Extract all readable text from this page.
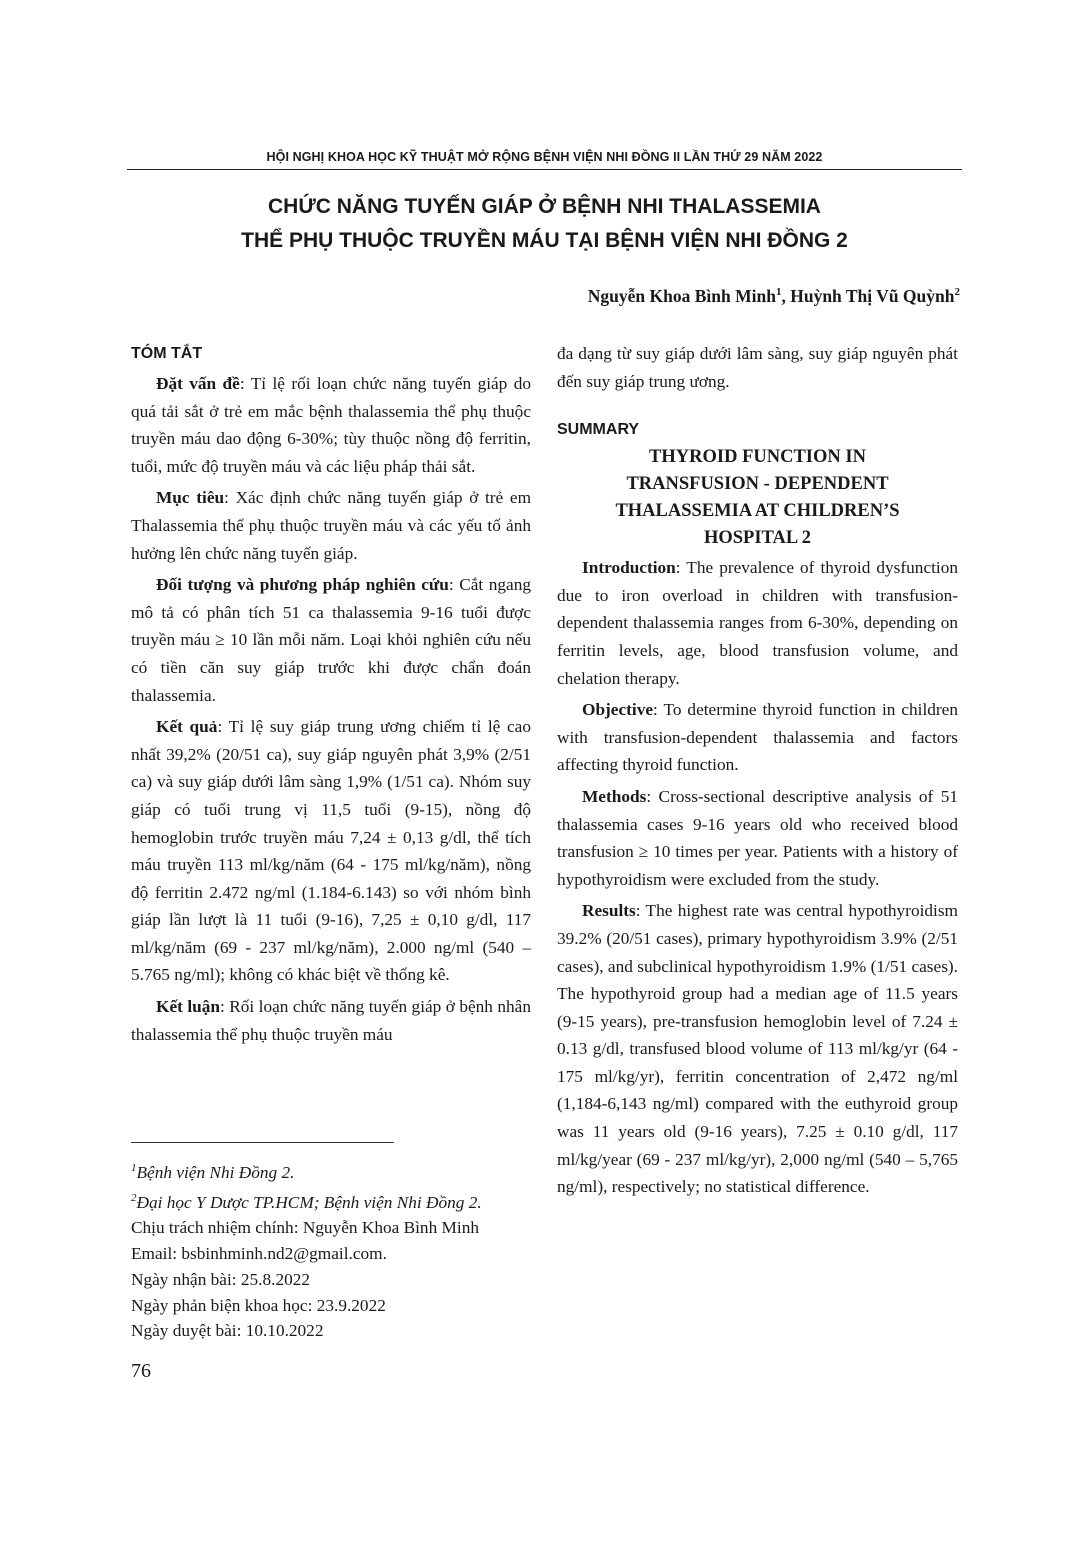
HỘI NGHỊ KHOA HỌC KỸ THUẬT MỞ RỘNG BỆNH VIỆN NHI ĐỒNG II LẦN THỨ 29 NĂM 2022
CHỨC NĂNG TUYẾN GIÁP Ở BỆNH NHI THALASSEMIA
THỂ PHỤ THUỘC TRUYỀN MÁU TẠI BỆNH VIỆN NHI ĐỒNG 2
Nguyễn Khoa Bình Minh$^1$, Huỳnh Thị Vũ Quỳnh$^2$
TÓM TẮT

Đặt vấn đề: Tỉ lệ rối loạn chức năng tuyến giáp do quá tải sắt ở trẻ em mắc bệnh thalassemia thể phụ thuộc truyền máu dao động 6-30%; tùy thuộc nồng độ ferritin, tuổi, mức độ truyền máu và các liệu pháp thải sắt.

Mục tiêu: Xác định chức năng tuyến giáp ở trẻ em Thalassemia thể phụ thuộc truyền máu và các yếu tố ảnh hưởng lên chức năng tuyến giáp.

Đối tượng và phương pháp nghiên cứu: Cắt ngang mô tả có phân tích 51 ca thalassemia 9-16 tuổi được truyền máu ≥ 10 lần mỗi năm. Loại khỏi nghiên cứu nếu có tiền căn suy giáp trước khi được chẩn đoán thalassemia.

Kết quả: Tỉ lệ suy giáp trung ương chiếm tỉ lệ cao nhất 39,2% (20/51 ca), suy giáp nguyên phát 3,9% (2/51 ca) và suy giáp dưới lâm sàng 1,9% (1/51 ca). Nhóm suy giáp có tuổi trung vị 11,5 tuổi (9-15), nồng độ hemoglobin trước truyền máu 7,24 ± 0,13 g/dl, thể tích máu truyền 113 ml/kg/năm (64 - 175 ml/kg/năm), nồng độ ferritin 2.472 ng/ml (1.184-6.143) so với nhóm bình giáp lần lượt là 11 tuổi (9-16), 7,25 ± 0,10 g/dl, 117 ml/kg/năm (69 - 237 ml/kg/năm), 2.000 ng/ml (540 – 5.765 ng/ml); không có khác biệt về thống kê.

Kết luận: Rối loạn chức năng tuyến giáp ở bệnh nhân thalassemia thể phụ thuộc truyền máu

$^1$Bệnh viện Nhi Đồng 2.
$^2$Đại học Y Dược TP.HCM; Bệnh viện Nhi Đồng 2.
Chịu trách nhiệm chính: Nguyễn Khoa Bình Minh
Email: bsbinhminh.nd2@gmail.com.
Ngày nhận bài: 25.8.2022
Ngày phản biện khoa học: 23.9.2022
Ngày duyệt bài: 10.10.2022

đa dạng từ suy giáp dưới lâm sàng, suy giáp nguyên phát đến suy giáp trung ương.

SUMMARY
THYROID FUNCTION IN
TRANSFUSION - DEPENDENT
THALASSEMIA AT CHILDREN’S
HOSPITAL 2

Introduction: The prevalence of thyroid dysfunction due to iron overload in children with transfusion-dependent thalassemia ranges from 6-30%, depending on ferritin levels, age, blood transfusion volume, and chelation therapy.

Objective: To determine thyroid function in children with transfusion-dependent thalassemia and factors affecting thyroid function.

Methods: Cross-sectional descriptive analysis of 51 thalassemia cases 9-16 years old who received blood transfusion ≥ 10 times per year. Patients with a history of hypothyroidism were excluded from the study.

Results: The highest rate was central hypothyroidism 39.2% (20/51 cases), primary hypothyroidism 3.9% (2/51 cases), and subclinical hypothyroidism 1.9% (1/51 cases). The hypothyroid group had a median age of 11.5 years (9-15 years), pre-transfusion hemoglobin level of 7.24 ± 0.13 g/dl, transfused blood volume of 113 ml/kg/yr (64 - 175 ml/kg/yr), ferritin concentration of 2,472 ng/ml (1,184-6,143 ng/ml) compared with the euthyroid group was 11 years old (9-16 years), 7.25 ± 0.10 g/dl, 117 ml/kg/year (69 - 237 ml/kg/yr), 2,000 ng/ml (540 – 5,765 ng/ml), respectively; no statistical difference.

76
